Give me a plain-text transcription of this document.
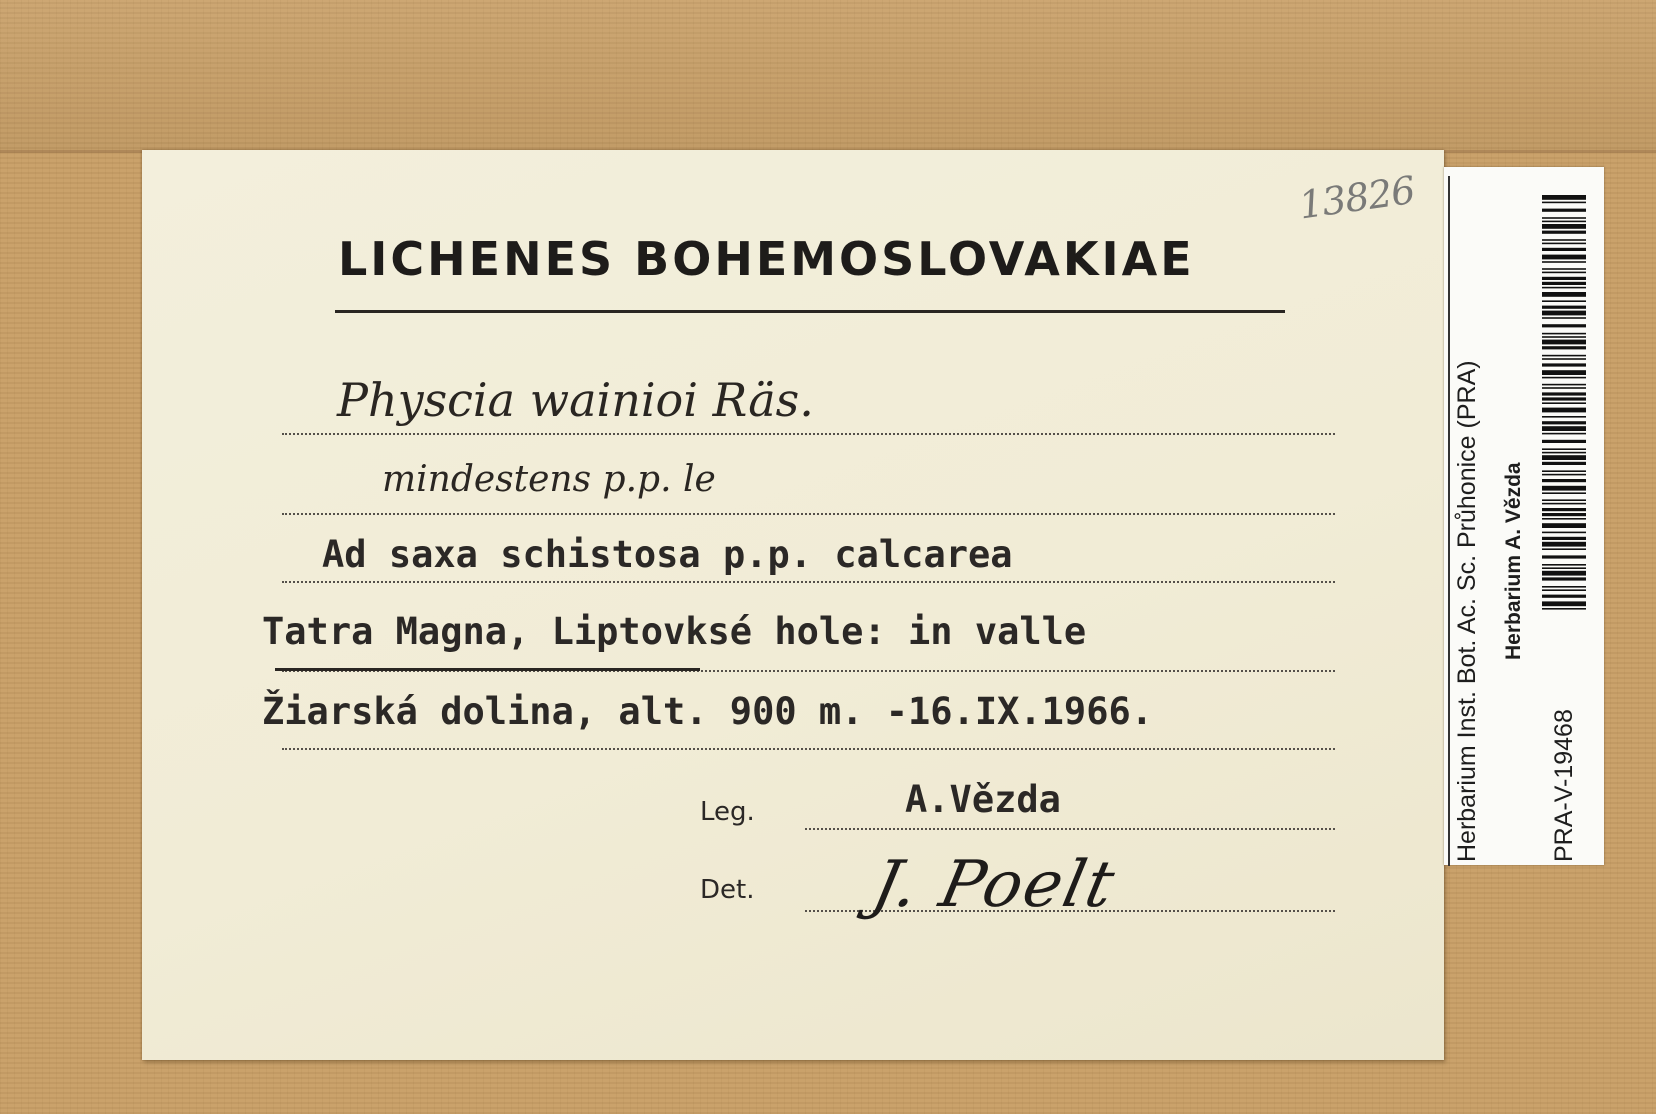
13826
LICHENES BOHEMOSLOVAKIAE
Physcia wainioi Räs.
mindestens p.p. le
Ad saxa schistosa p.p. calcarea
Tatra Magna, Liptovksé hole: in valle
Žiarská dolina, alt. 900 m. -16.IX.1966.
Leg.	A.Vězda
Det. J. Poelt
Herbarium Inst. Bot. Ac. Sc. Průhonice (PRA) Herbarium A. Vězda
PRA-V-19468
